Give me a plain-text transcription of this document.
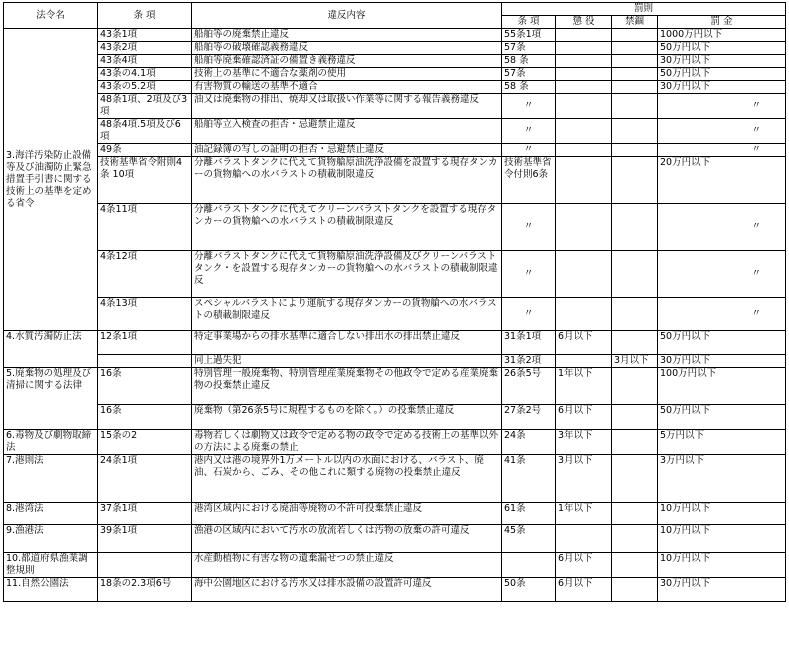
法令名	条 項	違反内容	罰則			
			条 項	懲 役	禁錮	罰 金
3.海洋汚染防止設備等及び油濁防止緊急措置手引書に関する技術上の基準を定める省令	43条1項	船舶等の廃棄禁止違反	55条1項			1000万円以下
	43条2項	船舶等の破壊確認義務違反	57条			50万円以下
	43条4項	船舶等廃棄確認済証の備置き義務違反	58 条			30万円以下
	43条の4.1項	技術上の基準に不適合な薬剤の使用	57条			50万円以下
	43条の5.2項	有害物質の輸送の基準不適合	58 条			30万円以下
	48条1項、2項及び3項	油又は廃棄物の排出、焼却又は取扱い作業等に関する報告義務違反	〃			〃
	48条4項.5項及び6項	船舶等立入検査の拒否・忌避禁止違反	〃			〃
	49条	油記録簿の写しの証明の拒否・忌避禁止違反	〃			〃
	技術基準省令附則4条 10項	分離バラストタンクに代えて貨物艙原油洗浄設備を設置する現存タンカーの貨物艙への水バラストの積載制限違反	技術基準省令付則6条			20万円以下
	4条11項	分離バラストタンクに代えてクリーンバラストタンクを設置する現存タンカーの貨物艙への水バラストの積載制限違反	〃			〃
	4条12項	分離バラストタンクに代えて貨物艙原油洗浄設備及びクリーンバラストタンク・を設置する現存タンカーの貨物艙への水バラストの積載制限違反	〃			〃
	4条13項	スペシャルバラストにより運航する現存タンカーの貨物艙への水バラストの積載制限違反	〃			〃
4.水質汚濁防止法	12条1項	特定事業場からの排水基準に適合しない排出水の排出禁止違反	31条1項	6月以下		50万円以下
		同上過失犯	31条2項		3月以下	30万円以下
5.廃棄物の処理及び清掃に関する法律	16条	特別管理一般廃棄物、特別管理産業廃棄物その他政令で定める産業廃棄物の投棄禁止違反	26条5号	1年以下		100万円以下
	16条	廃棄物（第26条5号に規程するものを除く。）の投棄禁止違反	27条2号	6月以下		50万円以下
6.毒物及び劇物取締法	15条の2	毒物若しくは劇物又は政令で定める物の政令で定める技術上の基準以外の方法による廃棄の禁止	24条	3年以下		5万円以下
7.港則法	24条1項	港内又は港の境界外1万メートル以内の水面における、バラスト、廃油、石炭から、ごみ、その他これに類する廃物の投棄禁止違反	41条	3月以下		3万円以下
8.港湾法	37条1項	港湾区域内における廃油等廃物の不許可投棄禁止違反	61条	1年以下		10万円以下
9.漁港法	39条1項	漁港の区域内において汚水の放流若しくは汚物の放棄の許可違反	45条			10万円以下
10.都道府県漁業調整規則		水産動植物に有害な物の遺棄漏せつの禁止違反		6月以下		10万円以下
11.自然公園法	18条の2.3項6号	海中公園地区における汚水又は排水設備の設置許可違反	50条	6月以下		30万円以下
